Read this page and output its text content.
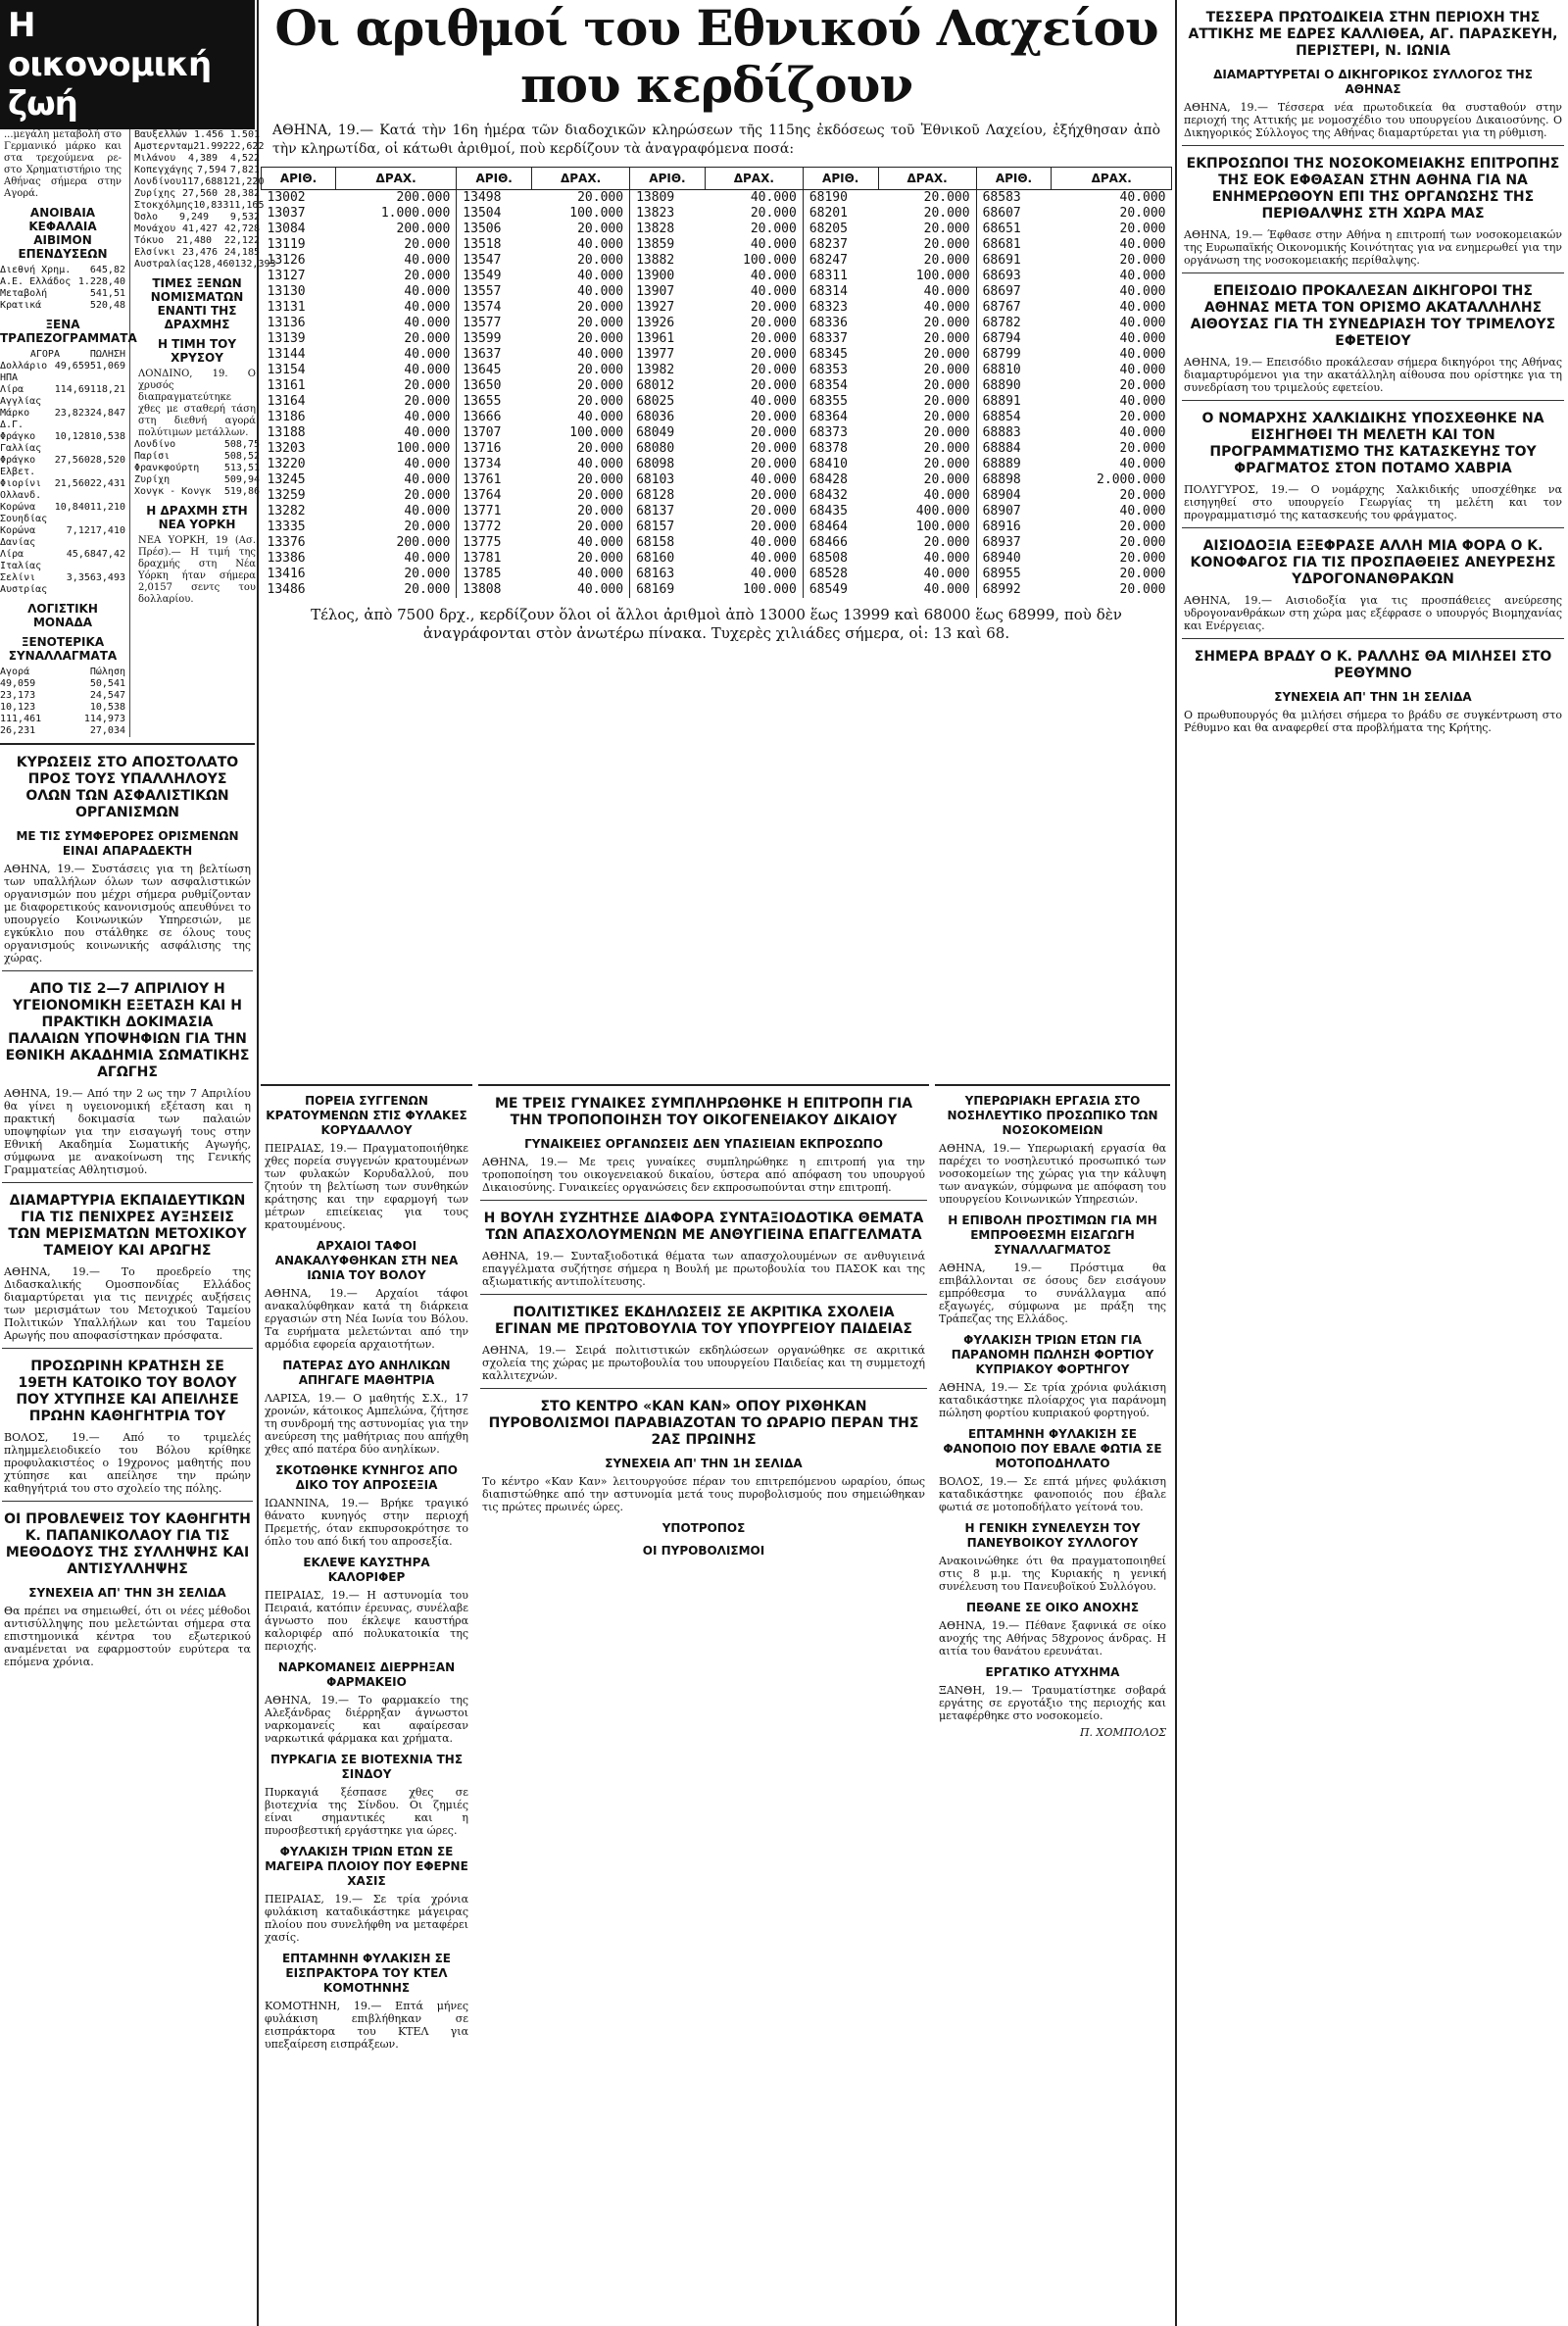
Η οικονομική ζωή
...μεγάλη μεταβολή στο Γερμανικό μάρκο και στα τρεχούμενα ρε- στο Χρηματιστήριο της Αθήνας σήμερα στην Αγορά.
ΑΝΟΙΒΑΙΑ ΚΕΦΑΛΑΙΑ ΑΙΒΙΜΟΝ ΕΠΕΝΔΥΣΕΩΝ
Διεθνή Χρημ. 645,82
Α.Ε. Ελλάδος 1.228,40
Μεταβολή	541,51
Κρατικά	520,48
ΞΕΝΑ ΤΡΑΠΕΖΟΓΡΑΜΜΑΤΑ
ΑΓΟΡΑ	ΠΩΛΗΣΗ
Δολλάριο ΗΠΑ
49,659 51,069
Λίρα Αγγλίας
114,69 118,21
Μάρκο Δ.Γ.
23,823 24,847
Φράγκο Γαλλίας
10,128 10,538
Φράγκο Ελβετ.
27,560 28,520
Φιορίνι Ολλανδ.
21,560 22,431
Κορώνα Σουηδίας
10,840 11,210
Κορώνα Δανίας
7,121 7,410
Λίρα Ιταλίας
45,68 47,42
Σελίνι Αυστρίας
3,356 3,493
ΛΟΓΙΣΤΙΚΗ ΜΟΝΑΔΑ
ΞΕΝΟΤΕΡΙΚΑ ΣΥΝΑΛΛΑΓΜΑΤΑ
Αγορά	Πώληση
49,059	50,541
23,173	24,547
10,123	10,538
111,461	114,973
26,231	27,034
Βαυξελλών 1.456 1.501
Αμστερνταμ 21.992 22,622
Μιλάνου 4,389 4,522
Κοπεγχάγης 7,594 7,821
Λονδίνου 117,688 121,220
Ζυρίχης 27,560 28,382
Στοκχόλμης 10,833 11,165
Όσλο 9,249 9,532
Μονάχου 41,427 42,728
Τόκυο 21,480 22,122
Ελσίνκι 23,476 24,185
Αυστραλίας 128,460 132,393
ΤΙΜΕΣ ΞΕΝΩΝ ΝΟΜΙΣΜΑΤΩΝ ΕΝΑΝΤΙ ΤΗΣ ΔΡΑΧΜΗΣ
Η ΤΙΜΗ ΤΟΥ ΧΡΥΣΟΥ
ΛΟΝΔΙΝΟ, 19. Ο χρυσός διαπραγματεύτηκε χθες με σταθερή τάση στη διεθνή αγορά πολύτιμων μετάλλων.
Λονδίνο	508,75
Παρίσι	508,52
Φρανκφούρτη	513,51
Ζυρίχη	509,94
Χονγκ - Κονγκ 519,86
Η ΔΡΑΧΜΗ ΣΤΗ ΝΕΑ ΥΟΡΚΗ
ΝΕΑ ΥΟΡΚΗ, 19 (Ασ. Πρέσ).— Η τιμή της δραχμής στη Νέα Υόρκη ήταν σήμερα 2,0157 σεντς του δολλαρίου.
ΚΥΡΩΣΕΙΣ ΣΤΟ ΑΠΟΣΤΟΛΑΤΟ ΠΡΟΣ ΤΟΥΣ ΥΠΑΛΛΗΛΟΥΣ ΟΛΩΝ ΤΩΝ ΑΣΦΑΛΙΣΤΙΚΩΝ ΟΡΓΑΝΙΣΜΩΝ
ΜΕ ΤΙΣ ΣΥΜΦΕΡΟΡΕΣ ΟΡΙΣΜΕΝΩΝ ΕΙΝΑΙ ΑΠΑΡΑΔΕΚΤΗ
ΑΘΗΝΑ, 19.— Συστάσεις για τη βελτίωση των υπαλλήλων όλων των ασφαλιστικών οργανισμών που μέχρι σήμερα ρυθμίζονταν με διαφορετικούς κανονισμούς απευθύνει το υπουργείο Κοινωνικών Υπηρεσιών, με εγκύκλιο που στάλθηκε σε όλους τους οργανισμούς κοινωνικής ασφάλισης της χώρας.
ΑΠΟ ΤΙΣ 2—7 ΑΠΡΙΛΙΟΥ Η ΥΓΕΙΟΝΟΜΙΚΗ ΕΞΕΤΑΣΗ ΚΑΙ Η ΠΡΑΚΤΙΚΗ ΔΟΚΙΜΑΣΙΑ ΠΑΛΑΙΩΝ ΥΠΟΨΗΦΙΩΝ ΓΙΑ ΤΗΝ ΕΘΝΙΚΗ ΑΚΑΔΗΜΙΑ ΣΩΜΑΤΙΚΗΣ ΑΓΩΓΗΣ
ΑΘΗΝΑ, 19.— Από την 2 ως την 7 Απριλίου θα γίνει η υγειονομική εξέταση και η πρακτική δοκιμασία των παλαιών υποψηφίων για την εισαγωγή τους στην Εθνική Ακαδημία Σωματικής Αγωγής, σύμφωνα με ανακοίνωση της Γενικής Γραμματείας Αθλητισμού.
ΔΙΑΜΑΡΤΥΡΙΑ ΕΚΠΑΙΔΕΥΤΙΚΩΝ ΓΙΑ ΤΙΣ ΠΕΝΙΧΡΕΣ ΑΥΞΗΣΕΙΣ ΤΩΝ ΜΕΡΙΣΜΑΤΩΝ ΜΕΤΟΧΙΚΟΥ ΤΑΜΕΙΟΥ ΚΑΙ ΑΡΩΓΗΣ
ΑΘΗΝΑ, 19.— Το προεδρείο της Διδασκαλικής Ομοσπονδίας Ελλάδος διαμαρτύρεται για τις πενιχρές αυξήσεις των μερισμάτων του Μετοχικού Ταμείου Πολιτικών Υπαλλήλων και του Ταμείου Αρωγής που αποφασίστηκαν πρόσφατα.
ΠΡΟΣΩΡΙΝΗ ΚΡΑΤΗΣΗ ΣΕ 19ΕΤΗ ΚΑΤΟΙΚΟ ΤΟΥ ΒΟΛΟΥ ΠΟΥ ΧΤΥΠΗΣΕ ΚΑΙ ΑΠΕΙΛΗΣΕ ΠΡΩΗΝ ΚΑΘΗΓΗΤΡΙΑ ΤΟΥ
ΒΟΛΟΣ, 19.— Από το τριμελές πλημμελειοδικείο του Βόλου κρίθηκε προφυλακιστέος ο 19χρονος μαθητής που χτύπησε και απείλησε την πρώην καθηγήτριά του στο σχολείο της πόλης.
ΟΙ ΠΡΟΒΛΕΨΕΙΣ ΤΟΥ ΚΑΘΗΓΗΤΗ Κ. ΠΑΠΑΝΙΚΟΛΑΟΥ ΓΙΑ ΤΙΣ ΜΕΘΟΔΟΥΣ ΤΗΣ ΣΥΛΛΗΨΗΣ ΚΑΙ ΑΝΤΙΣΥΛΛΗΨΗΣ
ΣΥΝΕΧΕΙΑ ΑΠ' ΤΗΝ 3Η ΣΕΛΙΔΑ
Θα πρέπει να σημειωθεί, ότι οι νέες μέθοδοι αντισύλληψης που μελετώνται σήμερα στα επιστημονικά κέντρα του εξωτερικού αναμένεται να εφαρμοστούν ευρύτερα τα επόμενα χρόνια.
Οι αριθμοί του Εθνικού Λαχείου που κερδίζουν
ΑΘΗΝΑ, 19.— Κατά τὴν 16η ἡμέρα τῶν διαδοχικῶν κληρώσεων τῆς 115ης ἐκδόσεως τοῦ Ἐθνικοῦ Λαχείου, ἐξήχθησαν ἀπὸ τὴν κληρωτίδα, οἱ κάτωθι ἀριθμοί, ποὺ κερδίζουν τὰ ἀναγραφόμενα ποσά:
ΑΡΙΘ.	ΔΡΑΧ.	ΑΡΙΘ.	ΔΡΑΧ.	ΑΡΙΘ.	ΔΡΑΧ.	ΑΡΙΘ.	ΔΡΑΧ.	ΑΡΙΘ.	ΔΡΑΧ.
13002	200.000	13498	20.000	13809	40.000	68190	20.000	68583	40.000
13037	1.000.000	13504	100.000	13823	20.000	68201	20.000	68607	20.000
13084	200.000	13506	20.000	13828	20.000	68205	20.000	68651	20.000
13119	20.000	13518	40.000	13859	40.000	68237	20.000	68681	40.000
13126	40.000	13547	20.000	13882	100.000	68247	20.000	68691	20.000
13127	20.000	13549	40.000	13900	40.000	68311	100.000	68693	40.000
13130	40.000	13557	40.000	13907	40.000	68314	40.000	68697	40.000
13131	40.000	13574	20.000	13927	20.000	68323	40.000	68767	40.000
13136	40.000	13577	20.000	13926	20.000	68336	20.000	68782	40.000
13139	20.000	13599	20.000	13961	20.000	68337	20.000	68794	40.000
13144	40.000	13637	40.000	13977	20.000	68345	20.000	68799	40.000
13154	40.000	13645	20.000	13982	20.000	68353	20.000	68810	40.000
13161	20.000	13650	20.000	68012	20.000	68354	20.000	68890	20.000
13164	20.000	13655	20.000	68025	40.000	68355	20.000	68891	40.000
13186	40.000	13666	40.000	68036	20.000	68364	20.000	68854	20.000
13188	40.000	13707	100.000	68049	20.000	68373	20.000	68883	40.000
13203	100.000	13716	20.000	68080	20.000	68378	20.000	68884	20.000
13220	40.000	13734	40.000	68098	20.000	68410	20.000	68889	40.000
13245	40.000	13761	20.000	68103	40.000	68428	20.000	68898	2.000.000
13259	20.000	13764	20.000	68128	20.000	68432	40.000	68904	20.000
13282	40.000	13771	20.000	68137	20.000	68435	400.000	68907	40.000
13335	20.000	13772	20.000	68157	20.000	68464	100.000	68916	20.000
13376	200.000	13775	40.000	68158	40.000	68466	20.000	68937	20.000
13386	40.000	13781	20.000	68160	40.000	68508	40.000	68940	20.000
13416	20.000	13785	40.000	68163	40.000	68528	40.000	68955	20.000
13486	20.000	13808	40.000	68169	100.000	68549	40.000	68992	20.000
Τέλος, ἀπὸ 7500 δρχ., κερδίζουν ὅλοι οἱ ἄλλοι ἀριθμοὶ ἀπὸ 13000 ἕως 13999 καὶ 68000 ἕως 68999, ποὺ δὲν ἀναγράφονται στὸν ἀνωτέρω πίνακα. Τυχερὲς χιλιάδες σήμερα, οἱ: 13 καὶ 68.
ΠΟΡΕΙΑ ΣΥΓΓΕΝΩΝ ΚΡΑΤΟΥΜΕΝΩΝ ΣΤΙΣ ΦΥΛΑΚΕΣ ΚΟΡΥΔΑΛΛΟΥ
ΠΕΙΡΑΙΑΣ, 19.— Πραγματοποιήθηκε χθες πορεία συγγενών κρατουμένων των φυλακών Κορυδαλλού, που ζητούν τη βελτίωση των συνθηκών κράτησης και την εφαρμογή των μέτρων επιείκειας για τους κρατουμένους.
ΑΡΧΑΙΟΙ ΤΑΦΟΙ ΑΝΑΚΑΛΥΦΘΗΚΑΝ ΣΤΗ ΝΕΑ ΙΩΝΙΑ ΤΟΥ ΒΟΛΟΥ
ΑΘΗΝΑ, 19.— Αρχαίοι τάφοι ανακαλύφθηκαν κατά τη διάρκεια εργασιών στη Νέα Ιωνία του Βόλου. Τα ευρήματα μελετώνται από την αρμόδια εφορεία αρχαιοτήτων.
ΠΑΤΕΡΑΣ ΔΥΟ ΑΝΗΛΙΚΩΝ ΑΠΗΓΑΓΕ ΜΑΘΗΤΡΙΑ
ΛΑΡΙΣΑ, 19.— Ο μαθητής Σ.Χ., 17 χρονών, κάτοικος Αμπελώνα, ζήτησε τη συνδρομή της αστυνομίας για την ανεύρεση της μαθήτριας που απήχθη χθες από πατέρα δύο ανηλίκων.
ΣΚΟΤΩΘΗΚΕ ΚΥΝΗΓΟΣ ΑΠΟ ΔΙΚΟ ΤΟΥ ΑΠΡΟΣΕΞΙΑ
ΙΩΑΝΝΙΝΑ, 19.— Βρήκε τραγικό θάνατο κυνηγός στην περιοχή Πρεμετής, όταν εκπυρσοκρότησε το όπλο του από δική του απροσεξία.
ΕΚΛΕΨΕ ΚΑΥΣΤΗΡΑ ΚΑΛΟΡΙΦΕΡ
ΠΕΙΡΑΙΑΣ, 19.— Η αστυνομία του Πειραιά, κατόπιν έρευνας, συνέλαβε άγνωστο που έκλεψε καυστήρα καλοριφέρ από πολυκατοικία της περιοχής.
ΝΑΡΚΟΜΑΝΕΙΣ ΔΙΕΡΡΗΞΑΝ ΦΑΡΜΑΚΕΙΟ
ΑΘΗΝΑ, 19.— Το φαρμακείο της Αλεξάνδρας διέρρηξαν άγνωστοι ναρκομανείς και αφαίρεσαν ναρκωτικά φάρμακα και χρήματα.
ΠΥΡΚΑΓΙΑ ΣΕ ΒΙΟΤΕΧΝΙΑ ΤΗΣ ΣΙΝΔΟΥ
Πυρκαγιά ξέσπασε χθες σε βιοτεχνία της Σίνδου. Οι ζημιές είναι σημαντικές και η πυροσβεστική εργάστηκε για ώρες.
ΦΥΛΑΚΙΣΗ ΤΡΙΩΝ ΕΤΩΝ ΣΕ ΜΑΓΕΙΡΑ ΠΛΟΙΟΥ ΠΟΥ ΕΦΕΡΝΕ ΧΑΣΙΣ
ΠΕΙΡΑΙΑΣ, 19.— Σε τρία χρόνια φυλάκιση καταδικάστηκε μάγειρας πλοίου που συνελήφθη να μεταφέρει χασίς.
ΕΠΤΑΜΗΝΗ ΦΥΛΑΚΙΣΗ ΣΕ ΕΙΣΠΡΑΚΤΟΡΑ ΤΟΥ ΚΤΕΛ ΚΟΜΟΤΗΝΗΣ
ΚΟΜΟΤΗΝΗ, 19.— Επτά μήνες φυλάκιση επιβλήθηκαν σε εισπράκτορα του ΚΤΕΛ για υπεξαίρεση εισπράξεων.
ΜΕ ΤΡΕΙΣ ΓΥΝΑΙΚΕΣ ΣΥΜΠΛΗΡΩΘΗΚΕ Η ΕΠΙΤΡΟΠΗ ΓΙΑ ΤΗΝ ΤΡΟΠΟΠΟΙΗΣΗ ΤΟΥ ΟΙΚΟΓΕΝΕΙΑΚΟΥ ΔΙΚΑΙΟΥ
ΓΥΝΑΙΚΕΙΕΣ ΟΡΓΑΝΩΣΕΙΣ ΔΕΝ ΥΠΑΣΙΕΙΑΝ ΕΚΠΡΟΣΩΠΟ
ΑΘΗΝΑ, 19.— Με τρεις γυναίκες συμπληρώθηκε η επιτροπή για την τροποποίηση του οικογενειακού δικαίου, ύστερα από απόφαση του υπουργού Δικαιοσύνης. Γυναικείες οργανώσεις δεν εκπροσωπούνται στην επιτροπή.
Η ΒΟΥΛΗ ΣΥΖΗΤΗΣΕ ΔΙΑΦΟΡΑ ΣΥΝΤΑΞΙΟΔΟΤΙΚΑ ΘΕΜΑΤΑ ΤΩΝ ΑΠΑΣΧΟΛΟΥΜΕΝΩΝ ΜΕ ΑΝΘΥΓΙΕΙΝΑ ΕΠΑΓΓΕΛΜΑΤΑ
ΑΘΗΝΑ, 19.— Συνταξιοδοτικά θέματα των απασχολουμένων σε ανθυγιεινά επαγγέλματα συζήτησε σήμερα η Βουλή με πρωτοβουλία του ΠΑΣΟΚ και της αξιωματικής αντιπολίτευσης.
ΠΟΛΙΤΙΣΤΙΚΕΣ ΕΚΔΗΛΩΣΕΙΣ ΣΕ ΑΚΡΙΤΙΚΑ ΣΧΟΛΕΙΑ ΕΓΙΝΑΝ ΜΕ ΠΡΩΤΟΒΟΥΛΙΑ ΤΟΥ ΥΠΟΥΡΓΕΙΟΥ ΠΑΙΔΕΙΑΣ
ΑΘΗΝΑ, 19.— Σειρά πολιτιστικών εκδηλώσεων οργανώθηκε σε ακριτικά σχολεία της χώρας με πρωτοβουλία του υπουργείου Παιδείας και τη συμμετοχή καλλιτεχνών.
ΣΤΟ ΚΕΝΤΡΟ «ΚΑΝ ΚΑΝ» ΟΠΟΥ ΡΙΧΘΗΚΑΝ ΠΥΡΟΒΟΛΙΣΜΟΙ ΠΑΡΑΒΙΑΖΟΤΑΝ ΤΟ ΩΡΑΡΙΟ ΠΕΡΑΝ ΤΗΣ 2ΑΣ ΠΡΩΙΝΗΣ
ΣΥΝΕΧΕΙΑ ΑΠ' ΤΗΝ 1Η ΣΕΛΙΔΑ
Το κέντρο «Καν Καν» λειτουργούσε πέραν του επιτρεπόμενου ωραρίου, όπως διαπιστώθηκε από την αστυνομία μετά τους πυροβολισμούς που σημειώθηκαν τις πρώτες πρωινές ώρες.
ΥΠΟΤΡΟΠΟΣ
ΟΙ ΠΥΡΟΒΟΛΙΣΜΟΙ
ΥΠΕΡΩΡΙΑΚΗ ΕΡΓΑΣΙΑ ΣΤΟ ΝΟΣΗΛΕΥΤΙΚΟ ΠΡΟΣΩΠΙΚΟ ΤΩΝ ΝΟΣΟΚΟΜΕΙΩΝ
ΑΘΗΝΑ, 19.— Υπερωριακή εργασία θα παρέχει το νοσηλευτικό προσωπικό των νοσοκομείων της χώρας για την κάλυψη των αναγκών, σύμφωνα με απόφαση του υπουργείου Κοινωνικών Υπηρεσιών.
Η ΕΠΙΒΟΛΗ ΠΡΟΣΤΙΜΩΝ ΓΙΑ ΜΗ ΕΜΠΡΟΘΕΣΜΗ ΕΙΣΑΓΩΓΗ ΣΥΝΑΛΛΑΓΜΑΤΟΣ
ΑΘΗΝΑ, 19.— Πρόστιμα θα επιβάλλονται σε όσους δεν εισάγουν εμπρόθεσμα το συνάλλαγμα από εξαγωγές, σύμφωνα με πράξη της Τράπεζας της Ελλάδος.
ΦΥΛΑΚΙΣΗ ΤΡΙΩΝ ΕΤΩΝ ΓΙΑ ΠΑΡΑΝΟΜΗ ΠΩΛΗΣΗ ΦΟΡΤΙΟΥ ΚΥΠΡΙΑΚΟΥ ΦΟΡΤΗΓΟΥ
ΑΘΗΝΑ, 19.— Σε τρία χρόνια φυλάκιση καταδικάστηκε πλοίαρχος για παράνομη πώληση φορτίου κυπριακού φορτηγού.
ΕΠΤΑΜΗΝΗ ΦΥΛΑΚΙΣΗ ΣΕ ΦΑΝΟΠΟΙΟ ΠΟΥ ΕΒΑΛΕ ΦΩΤΙΑ ΣΕ ΜΟΤΟΠΟΔΗΛΑΤΟ
ΒΟΛΟΣ, 19.— Σε επτά μήνες φυλάκιση καταδικάστηκε φανοποιός που έβαλε φωτιά σε μοτοποδήλατο γείτονά του.
Η ΓΕΝΙΚΗ ΣΥΝΕΛΕΥΣΗ ΤΟΥ ΠΑΝΕΥΒΟΙΚΟΥ ΣΥΛΛΟΓΟΥ
Ανακοινώθηκε ότι θα πραγματοποιηθεί στις 8 μ.μ. της Κυριακής η γενική συνέλευση του Πανευβοϊκού Συλλόγου.
ΠΕΘΑΝΕ ΣΕ ΟΙΚΟ ΑΝΟΧΗΣ
ΑΘΗΝΑ, 19.— Πέθανε ξαφνικά σε οίκο ανοχής της Αθήνας 58χρονος άνδρας. Η αιτία του θανάτου ερευνάται.
ΕΡΓΑΤΙΚΟ ΑΤΥΧΗΜΑ
ΞΑΝΘΗ, 19.— Τραυματίστηκε σοβαρά εργάτης σε εργοτάξιο της περιοχής και μεταφέρθηκε στο νοσοκομείο.
Π. ΧΟΜΠΟΛΟΣ
ΤΕΣΣΕΡΑ ΠΡΩΤΟΔΙΚΕΙΑ ΣΤΗΝ ΠΕΡΙΟΧΗ ΤΗΣ ΑΤΤΙΚΗΣ ΜΕ ΕΔΡΕΣ ΚΑΛΛΙΘΕΑ, ΑΓ. ΠΑΡΑΣΚΕΥΗ, ΠΕΡΙΣΤΕΡΙ, Ν. ΙΩΝΙΑ
ΔΙΑΜΑΡΤΥΡΕΤΑΙ Ο ΔΙΚΗΓΟΡΙΚΟΣ ΣΥΛΛΟΓΟΣ ΤΗΣ ΑΘΗΝΑΣ
ΑΘΗΝΑ, 19.— Τέσσερα νέα πρωτοδικεία θα συσταθούν στην περιοχή της Αττικής με νομοσχέδιο του υπουργείου Δικαιοσύνης. Ο Δικηγορικός Σύλλογος της Αθήνας διαμαρτύρεται για τη ρύθμιση.
ΕΚΠΡΟΣΩΠΟΙ ΤΗΣ ΝΟΣΟΚΟΜΕΙΑΚΗΣ ΕΠΙΤΡΟΠΗΣ ΤΗΣ ΕΟΚ ΕΦΘΑΣΑΝ ΣΤΗΝ ΑΘΗΝΑ ΓΙΑ ΝΑ ΕΝΗΜΕΡΩΘΟΥΝ ΕΠΙ ΤΗΣ ΟΡΓΑΝΩΣΗΣ ΤΗΣ ΠΕΡΙΘΑΛΨΗΣ ΣΤΗ ΧΩΡΑ ΜΑΣ
ΑΘΗΝΑ, 19.— Έφθασε στην Αθήνα η επιτροπή των νοσοκομειακών της Ευρωπαϊκής Οικονομικής Κοινότητας για να ενημερωθεί για την οργάνωση της νοσοκομειακής περίθαλψης.
ΕΠΕΙΣΟΔΙΟ ΠΡΟΚΑΛΕΣΑΝ ΔΙΚΗΓΟΡΟΙ ΤΗΣ ΑΘΗΝΑΣ ΜΕΤΑ ΤΟΝ ΟΡΙΣΜΟ ΑΚΑΤΑΛΛΗΛΗΣ ΑΙΘΟΥΣΑΣ ΓΙΑ ΤΗ ΣΥΝΕΔΡΙΑΣΗ ΤΟΥ ΤΡΙΜΕΛΟΥΣ ΕΦΕΤΕΙΟΥ
ΑΘΗΝΑ, 19.— Επεισόδιο προκάλεσαν σήμερα δικηγόροι της Αθήνας διαμαρτυρόμενοι για την ακατάλληλη αίθουσα που ορίστηκε για τη συνεδρίαση του τριμελούς εφετείου.
Ο ΝΟΜΑΡΧΗΣ ΧΑΛΚΙΔΙΚΗΣ ΥΠΟΣΧΕΘΗΚΕ ΝΑ ΕΙΣΗΓΗΘΕΙ ΤΗ ΜΕΛΕΤΗ ΚΑΙ ΤΟΝ ΠΡΟΓΡΑΜΜΑΤΙΣΜΟ ΤΗΣ ΚΑΤΑΣΚΕΥΗΣ ΤΟΥ ΦΡΑΓΜΑΤΟΣ ΣΤΟΝ ΠΟΤΑΜΟ ΧΑΒΡΙΑ
ΠΟΛΥΓΥΡΟΣ, 19.— Ο νομάρχης Χαλκιδικής υποσχέθηκε να εισηγηθεί στο υπουργείο Γεωργίας τη μελέτη και τον προγραμματισμό της κατασκευής του φράγματος.
ΑΙΣΙΟΔΟΞΙΑ ΕΞΕΦΡΑΣΕ ΑΛΛΗ ΜΙΑ ΦΟΡΑ Ο Κ. ΚΟΝΟΦΑΓΟΣ ΓΙΑ ΤΙΣ ΠΡΟΣΠΑΘΕΙΕΣ ΑΝΕΥΡΕΣΗΣ ΥΔΡΟΓΟΝΑΝΘΡΑΚΩΝ
ΑΘΗΝΑ, 19.— Αισιοδοξία για τις προσπάθειες ανεύρεσης υδρογονανθράκων στη χώρα μας εξέφρασε ο υπουργός Βιομηχανίας και Ενέργειας.
ΣΗΜΕΡΑ ΒΡΑΔΥ Ο Κ. ΡΑΛΛΗΣ ΘΑ ΜΙΛΗΣΕΙ ΣΤΟ ΡΕΘΥΜΝΟ
ΣΥΝΕΧΕΙΑ ΑΠ' ΤΗΝ 1Η ΣΕΛΙΔΑ
Ο πρωθυπουργός θα μιλήσει σήμερα το βράδυ σε συγκέντρωση στο Ρέθυμνο και θα αναφερθεί στα προβλήματα της Κρήτης.
